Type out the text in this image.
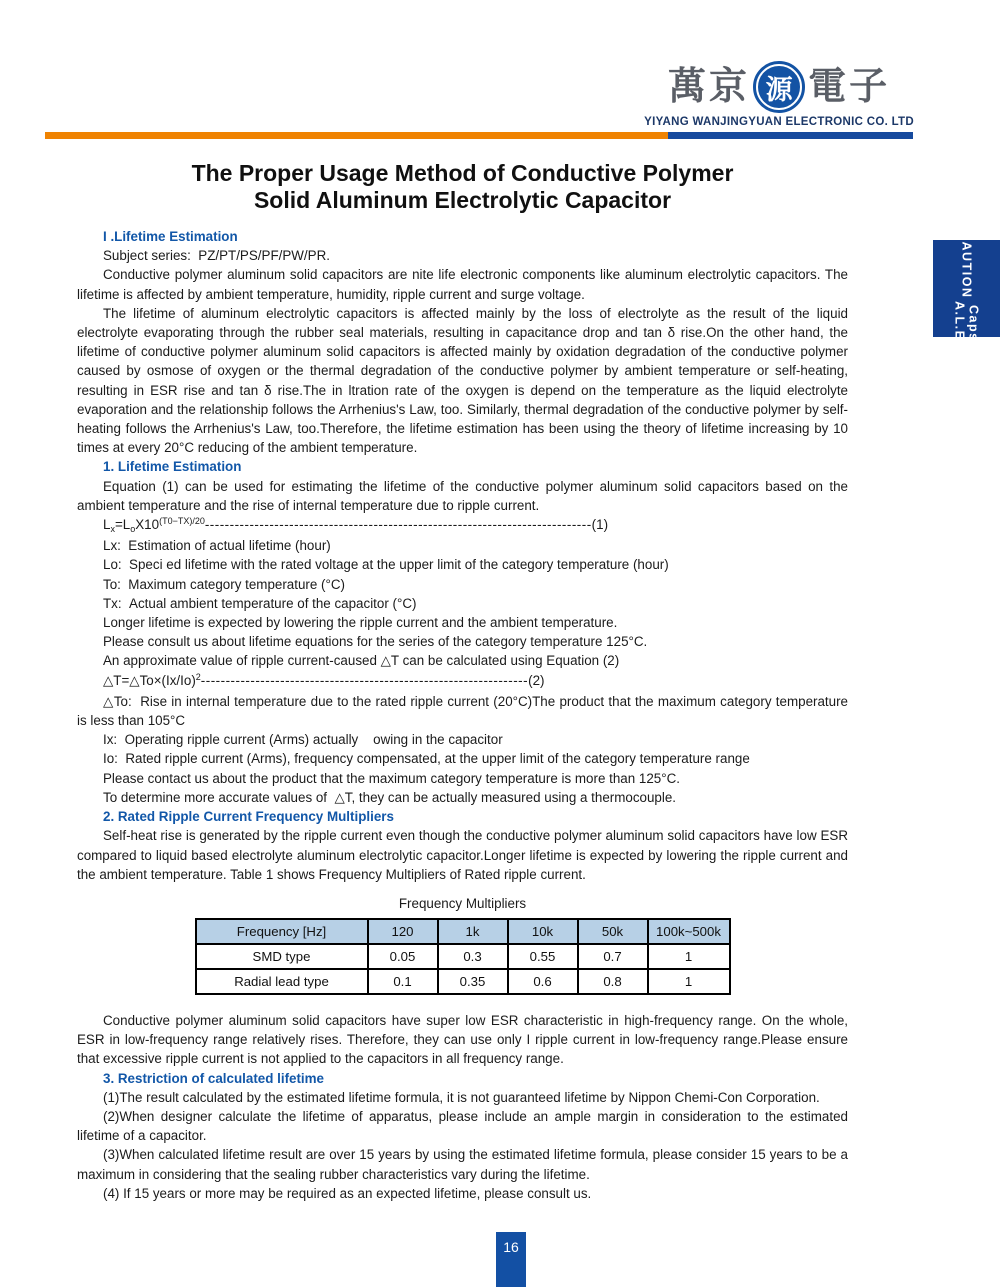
萬京 源 電子
YIYANG WANJINGYUAN ELECTRONIC CO. LTD
CAUTION
A.L.E-Caps
The Proper Usage Method of Conductive Polymer
Solid Aluminum Electrolytic Capacitor

I .Lifetime Estimation

Subject series:  PZ/PT/PS/PF/PW/PR.

Conductive polymer aluminum solid capacitors are nite life electronic components like aluminum electrolytic capacitors. The lifetime is affected by ambient temperature, humidity, ripple current and surge voltage.

The lifetime of aluminum electrolytic capacitors is affected mainly by the loss of electrolyte as the result of the liquid electrolyte evaporating through the rubber seal materials, resulting in capacitance drop and tan δ rise.On the other hand, the lifetime of conductive polymer aluminum solid capacitors is affected mainly by oxidation degradation of the conductive polymer caused by osmose of oxygen or the thermal degradation of the conductive polymer by ambient temperature or self-heating, resulting in ESR rise and tan δ rise.The in ltration rate of the oxygen is depend on the temperature as the liquid electrolyte evaporation and the relationship follows the Arrhenius's Law, too. Similarly, thermal degradation of the conductive polymer by self-heating follows the Arrhenius's Law, too.Therefore, the lifetime estimation has been using the theory of lifetime increasing by 10 times at every 20°C reducing of the ambient temperature.

1. Lifetime Estimation

Equation (1) can be used for estimating the lifetime of the conductive polymer aluminum solid capacitors based on the ambient temperature and the rise of internal temperature due to ripple current.

$L_x=L_oX10^{(T0-TX)/20}------------------------------------------------------------------------------(1)$

Lx:  Estimation of actual lifetime (hour)

Lo:  Speci ed lifetime with the rated voltage at the upper limit of the category temperature (hour)

To:  Maximum category temperature (°C)

Tx:  Actual ambient temperature of the capacitor (°C)

Longer lifetime is expected by lowering the ripple current and the ambient temperature.

Please consult us about lifetime equations for the series of the category temperature 125°C.

An approximate value of ripple current-caused △T can be calculated using Equation (2)

$\triangle T=\triangle To\times(Ix/Io)^2------------------------------------------------------------------(2)$

△To:  Rise in internal temperature due to the rated ripple current (20°C)The product that the maximum category temperature is less than 105°C

Ix:  Operating ripple current (Arms) actually    owing in the capacitor

Io:  Rated ripple current (Arms), frequency compensated, at the upper limit of the category temperature range

Please contact us about the product that the maximum category temperature is more than 125°C.

To determine more accurate values of  △T, they can be actually measured using a thermocouple.

2. Rated Ripple Current Frequency Multipliers

Self-heat rise is generated by the ripple current even though the conductive polymer aluminum solid capacitors have low ESR compared to liquid based electrolyte aluminum electrolytic capacitor.Longer lifetime is expected by lowering the ripple current and the ambient temperature. Table 1 shows Frequency Multipliers of Rated ripple current.

Frequency Multipliers
Frequency [Hz]	120	1k	10k	50k	100k~500k
SMD type	0.05	0.3	0.55	0.7	1
Radial lead type	0.1	0.35	0.6	0.8	1

Conductive polymer aluminum solid capacitors have super low ESR characteristic in high-frequency range. On the whole, ESR in low-frequency range relatively rises. Therefore, they can use only I ripple current in low-frequency range.Please ensure that excessive ripple current is not applied to the capacitors in all frequency range.

3. Restriction of calculated lifetime

(1)The result calculated by the estimated lifetime formula, it is not guaranteed lifetime by Nippon Chemi-Con Corporation.

(2)When designer calculate the lifetime of apparatus, please include an ample margin in consideration to the estimated lifetime of a capacitor.

(3)When calculated lifetime result are over 15 years by using the estimated lifetime formula, please consider 15 years to be a maximum in considering that the sealing rubber characteristics vary during the lifetime.

(4) If 15 years or more may be required as an expected lifetime, please consult us.

16
